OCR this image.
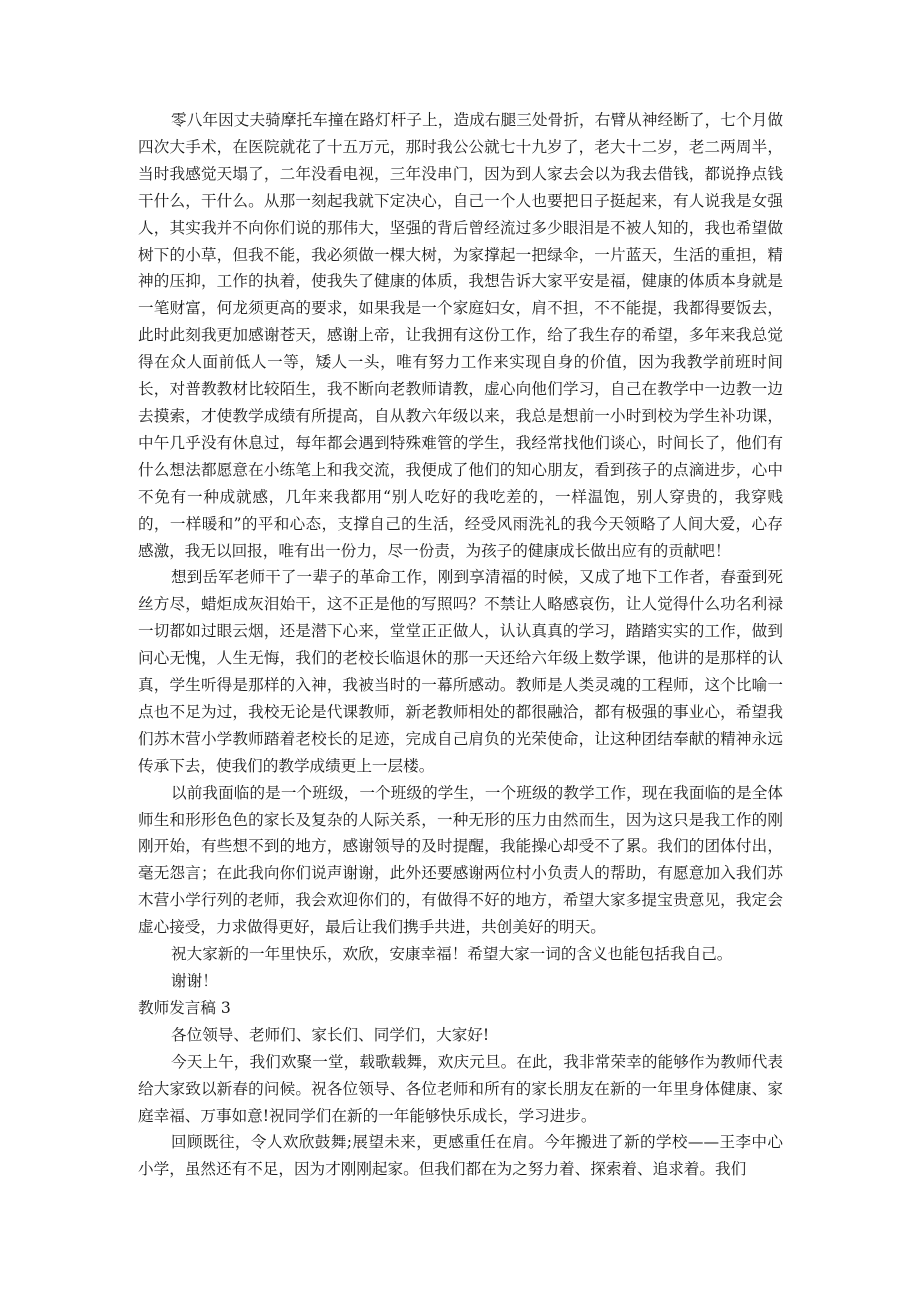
零八年因丈夫骑摩托车撞在路灯杆子上，造成右腿三处骨折，右臂从神经断了，七个月做四次大手术，在医院就花了十五万元，那时我公公就七十九岁了，老大十二岁，老二两周半，当时我感觉天塌了，二年没看电视，三年没串门，因为到人家去会以为我去借钱，都说挣点钱干什么，干什么。从那一刻起我就下定决心，自己一个人也要把日子挺起来，有人说我是女强人，其实我并不向你们说的那伟大，坚强的背后曾经流过多少眼泪是不被人知的，我也希望做树下的小草，但我不能，我必须做一棵大树，为家撑起一把绿伞，一片蓝天，生活的重担，精神的压抑，工作的执着，使我失了健康的体质，我想告诉大家平安是福，健康的体质本身就是一笔财富，何龙须更高的要求，如果我是一个家庭妇女，肩不担，不不能提，我都得要饭去，此时此刻我更加感谢苍天，感谢上帝，让我拥有这份工作，给了我生存的希望，多年来我总觉得在众人面前低人一等，矮人一头，唯有努力工作来实现自身的价值，因为我教学前班时间长，对普教教材比较陌生，我不断向老教师请教，虚心向他们学习，自己在教学中一边教一边去摸索，才使教学成绩有所提高，自从教六年级以来，我总是想前一小时到校为学生补功课，中午几乎没有休息过，每年都会遇到特殊难管的学生，我经常找他们谈心，时间长了，他们有什么想法都愿意在小练笔上和我交流，我便成了他们的知心朋友，看到孩子的点滴进步，心中不免有一种成就感，几年来我都用“别人吃好的我吃差的，一样温饱，别人穿贵的，我穿贱的，一样暖和”的平和心态，支撑自己的生活，经受风雨洗礼的我今天领略了人间大爱，心存感激，我无以回报，唯有出一份力，尽一份责，为孩子的健康成长做出应有的贡献吧！

想到岳军老师干了一辈子的革命工作，刚到享清福的时候，又成了地下工作者，春蚕到死丝方尽，蜡炬成灰泪始干，这不正是他的写照吗？不禁让人略感哀伤，让人觉得什么功名利禄一切都如过眼云烟，还是潜下心来，堂堂正正做人，认认真真的学习，踏踏实实的工作，做到问心无愧，人生无悔，我们的老校长临退休的那一天还给六年级上数学课，他讲的是那样的认真，学生听得是那样的入神，我被当时的一幕所感动。教师是人类灵魂的工程师，这个比喻一点也不足为过，我校无论是代课教师，新老教师相处的都很融洽，都有极强的事业心，希望我们苏木营小学教师踏着老校长的足迹，完成自己肩负的光荣使命，让这种团结奉献的精神永远传承下去，使我们的教学成绩更上一层楼。

以前我面临的是一个班级，一个班级的学生，一个班级的教学工作，现在我面临的是全体师生和形形色色的家长及复杂的人际关系，一种无形的压力由然而生，因为这只是我工作的刚刚开始，有些想不到的地方，感谢领导的及时提醒，我能操心却受不了累。我们的团体付出，毫无怨言；在此我向你们说声谢谢，此外还要感谢两位村小负责人的帮助，有愿意加入我们苏木营小学行列的老师，我会欢迎你们的，有做得不好的地方，希望大家多提宝贵意见，我定会虚心接受，力求做得更好，最后让我们携手共进，共创美好的明天。

祝大家新的一年里快乐，欢欣，安康幸福！希望大家一词的含义也能包括我自己。

谢谢！

教师发言稿 3

各位领导、老师们、家长们、同学们，大家好!

今天上午，我们欢聚一堂，载歌载舞，欢庆元旦。在此，我非常荣幸的能够作为教师代表给大家致以新春的问候。祝各位领导、各位老师和所有的家长朋友在新的一年里身体健康、家庭幸福、万事如意!祝同学们在新的一年能够快乐成长，学习进步。

回顾既往，令人欢欣鼓舞;展望未来，更感重任在肩。今年搬进了新的学校——王李中心小学，虽然还有不足，因为才刚刚起家。但我们都在为之努力着、探索着、追求着。我们
